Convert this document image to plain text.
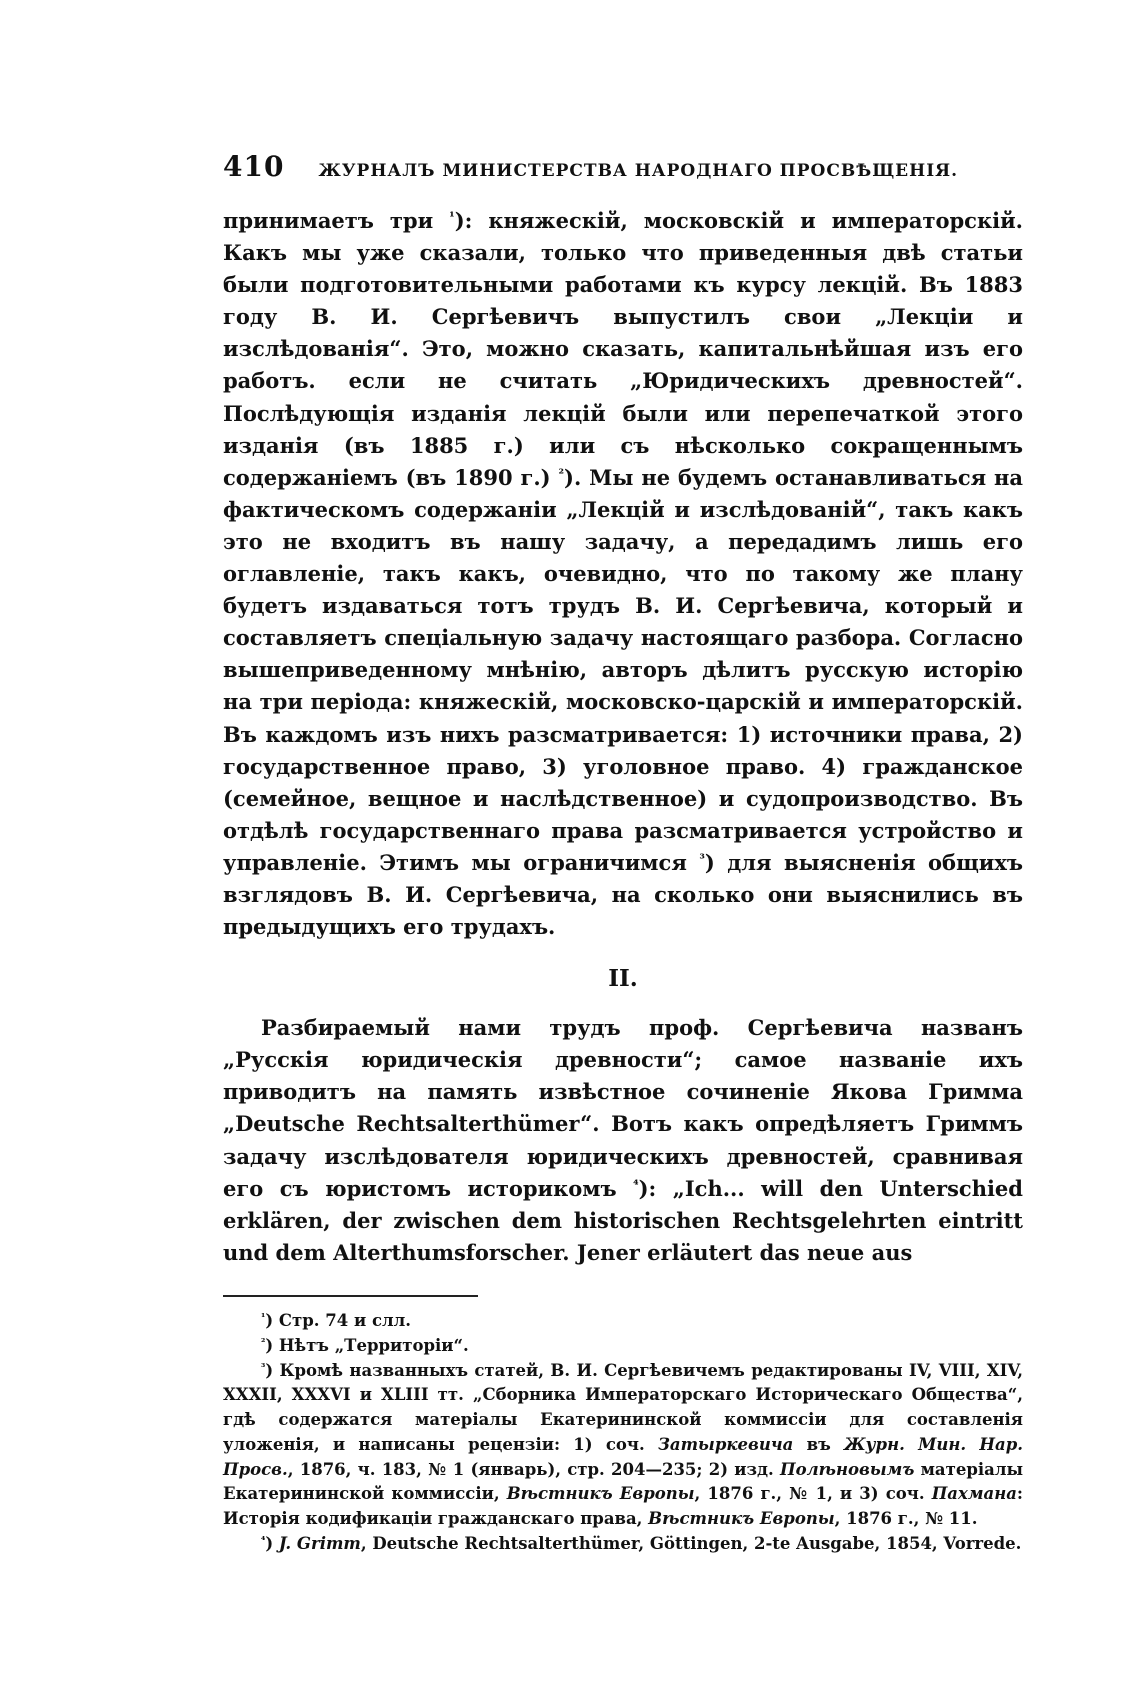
410 ЖУРНАЛЪ МИНИСТЕРСТВА НАРОДНАГО ПРОСВѢЩЕНІЯ.

принимаетъ три $^{^1}$): княжескій, московскій и императорскій. Какъ мы уже сказали, только что приведенныя двѣ статьи были подготовительными работами къ курсу лекцій. Въ 1883 году В. И. Сергѣевичъ выпустилъ свои „Лекціи и изслѣдованія“. Это, можно сказать, капитальнѣйшая изъ его работъ. если не считать „Юридическихъ древностей“. Послѣдующія изданія лекцій были или перепечаткой этого изданія (въ 1885 г.) или съ нѣсколько сокращеннымъ содержаніемъ (въ 1890 г.) $^{^2}$). Мы не будемъ останавливаться на фактическомъ содержаніи „Лекцій и изслѣдованій“, такъ какъ это не входитъ въ нашу задачу, а передадимъ лишь его оглавленіе, такъ какъ, очевидно, что по такому же плану будетъ издаваться тотъ трудъ В. И. Сергѣевича, который и составляетъ спеціальную задачу настоящаго разбора. Согласно вышеприведенному мнѣнію, авторъ дѣлитъ русскую исторію на три періода: княжескій, московско-царскій и императорскій. Въ каждомъ изъ нихъ разсматривается: 1) источники права, 2) государственное право, 3) уголовное право. 4) гражданское (семейное, вещное и наслѣдственное) и судопроизводство. Въ отдѣлѣ государственнаго права разсматривается устройство и управленіе. Этимъ мы ограничимся $^{^3}$) для выясненія общихъ взглядовъ В. И. Сергѣевича, на сколько они выяснились въ предыдущихъ его трудахъ.

II.

Разбираемый нами трудъ проф. Сергѣевича названъ „Русскія юридическія древности“; самое названіе ихъ приводитъ на память извѣстное сочиненіе Якова Гримма „Deutsche Rechtsalterthümer“. Вотъ какъ опредѣляетъ Гриммъ задачу изслѣдователя юридическихъ древностей, сравнивая его съ юристомъ историкомъ $^{^4}$): „Ich... will den Unterschied erklären, der zwischen dem historischen Rechtsgelehrten eintritt und dem Alterthumsforscher. Jener erläutert das neue aus

$^{^1}$) Стр. 74 и слл.

$^{^2}$) Нѣтъ „Территоріи“.

$^{^3}$) Кромѣ названныхъ статей, В. И. Сергѣевичемъ редактированы IV, VIII, XIV, XXXII, XXXVI и XLIII тт. „Сборника Императорскаго Историческаго Общества“, гдѣ содержатся матеріалы Екатерининской коммиссіи для составленія уложенія, и написаны рецензіи: 1) соч. Затыркевича въ Журн. Мин. Нар. Просв., 1876, ч. 183, № 1 (январь), стр. 204—235; 2) изд. Полѣновымъ матеріалы Екатерининской коммиссіи, Вѣстникъ Европы, 1876 г., № 1, и 3) соч. Пахмана: Исторія кодификаціи гражданскаго права, Вѣстникъ Европы, 1876 г., № 11.

$^{^4}$) J. Grimm, Deutsche Rechtsalterthümer, Göttingen, 2-te Ausgabe, 1854, Vorrede.
